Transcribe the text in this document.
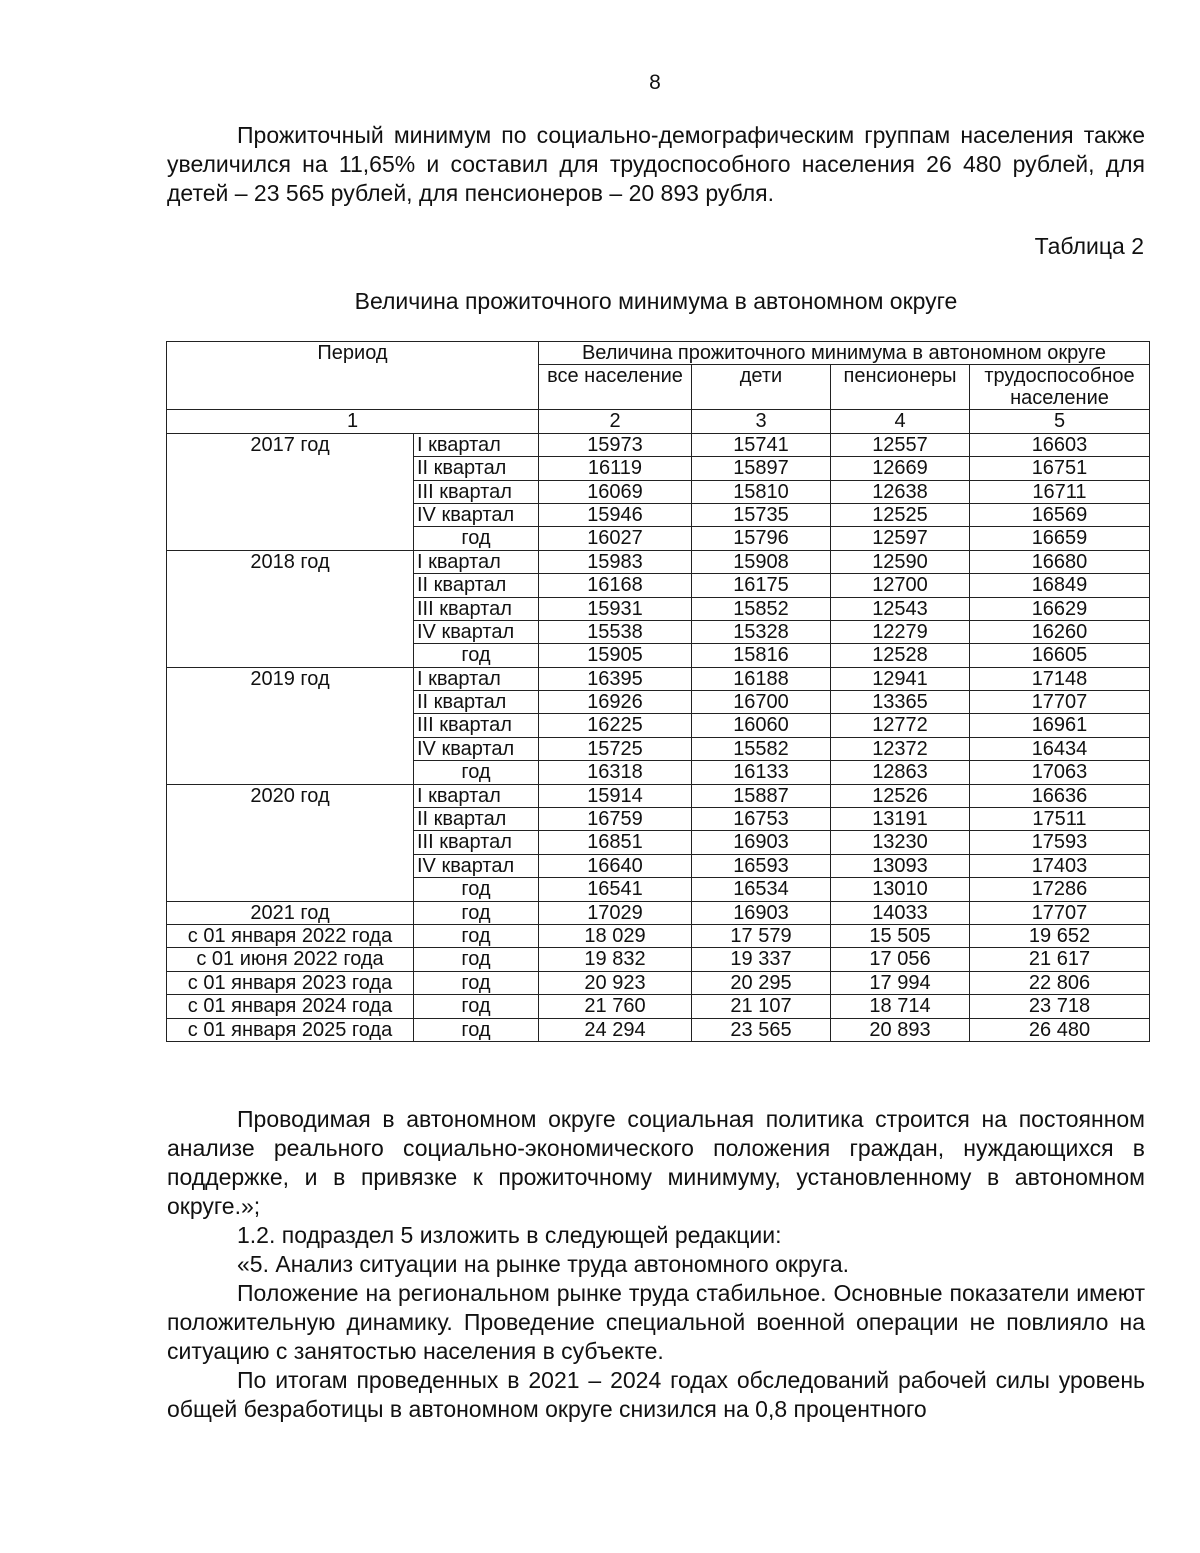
8

Прожиточный минимум по социально-демографическим группам населения также увеличился на 11,65% и составил для трудоспособного населения 26 480 рублей, для детей – 23 565 рублей, для пенсионеров – 20 893 рубля.

Таблица 2
Величина прожиточного минимума в автономном округе
Период		Величина прожиточного минимума в автономном округе			
		все население	дети	пенсионеры	трудоспособное население
1		2	3	4	5
2017 год	I квартал	15973	15741	12557	16603
	II квартал	16119	15897	12669	16751
	III квартал	16069	15810	12638	16711
	IV квартал	15946	15735	12525	16569
	год	16027	15796	12597	16659
2018 год	I квартал	15983	15908	12590	16680
	II квартал	16168	16175	12700	16849
	III квартал	15931	15852	12543	16629
	IV квартал	15538	15328	12279	16260
	год	15905	15816	12528	16605
2019 год	I квартал	16395	16188	12941	17148
	II квартал	16926	16700	13365	17707
	III квартал	16225	16060	12772	16961
	IV квартал	15725	15582	12372	16434
	год	16318	16133	12863	17063
2020 год	I квартал	15914	15887	12526	16636
	II квартал	16759	16753	13191	17511
	III квартал	16851	16903	13230	17593
	IV квартал	16640	16593	13093	17403
	год	16541	16534	13010	17286
2021 год	год	17029	16903	14033	17707
с 01 января 2022 года	год	18 029	17 579	15 505	19 652
с 01 июня 2022 года	год	19 832	19 337	17 056	21 617
с 01 января 2023 года	год	20 923	20 295	17 994	22 806
с 01 января 2024 года	год	21 760	21 107	18 714	23 718
с 01 января 2025 года	год	24 294	23 565	20 893	26 480

Проводимая в автономном округе социальная политика строится на постоянном анализе реального социально-экономического положения граждан, нуждающихся в поддержке, и в привязке к прожиточному минимуму, установленному в автономном округе.»;

1.2. подраздел 5 изложить в следующей редакции:

«5. Анализ ситуации на рынке труда автономного округа.

Положение на региональном рынке труда стабильное. Основные показатели имеют положительную динамику. Проведение специальной военной операции не повлияло на ситуацию с занятостью населения в субъекте.

По итогам проведенных в 2021 – 2024 годах обследований рабочей силы уровень общей безработицы в автономном округе снизился на 0,8 процентного
